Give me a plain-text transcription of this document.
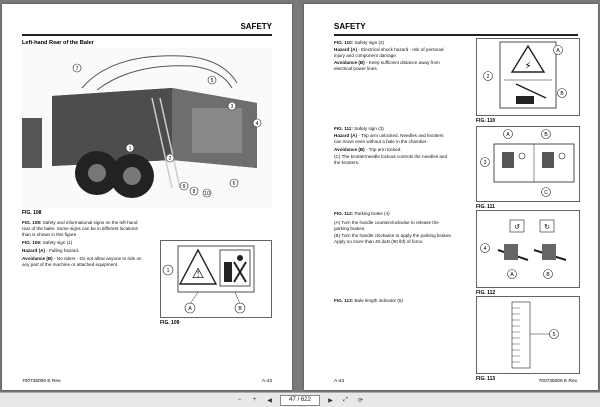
SAFETY
Left-hand Rear of the Baler
1
2
3
4
5
6
7
8
9
10
FIG. 108
FIG. 108: Safety and informational signs on the left-hand rear of the baler. Some signs can be in different locations than is shown in this figure.
FIG. 109: Safety sign (1)
Hazard (A) - Falling hazard.
Avoidance (B) - No riders - Do not allow anyone to ride on any part of the machine or attached equipment.
⚠
1
A	B
FIG. 109
700735006 E Rev.	A-43
SAFETY
FIG. 110: Safety sign (2)
Hazard (A) - Electrical shock hazard - risk of personal injury and component damage.
Avoidance (B) - Keep sufficient distance away from electrical power lines.	⚡
A
2
B
FIG. 110
FIG. 111: Safety sign (3)
Hazard (A) - Trip arm unlocked. Needles and knotters can move even without a bale in the chamber.
Avoidance (B) - Trip arm locked.
(C) The knotter/needle lockout controls the needles and the knotters.
A	B
3
C
FIG. 111
FIG. 112: Parking brake (4)
(A) Turn the handle counterclockwise to release the parking brakes.
(B) Turn the handle clockwise to apply the parking brakes. Apply no more than 40 daN (90 lbf) of force.
↺	↻
4
A	B
FIG. 112
FIG. 113: Bale length indicator (5)
5
FIG. 113
A-44	700735006 E Rev.
−	+	◀	47 / 622	▶	⤢	⟳
